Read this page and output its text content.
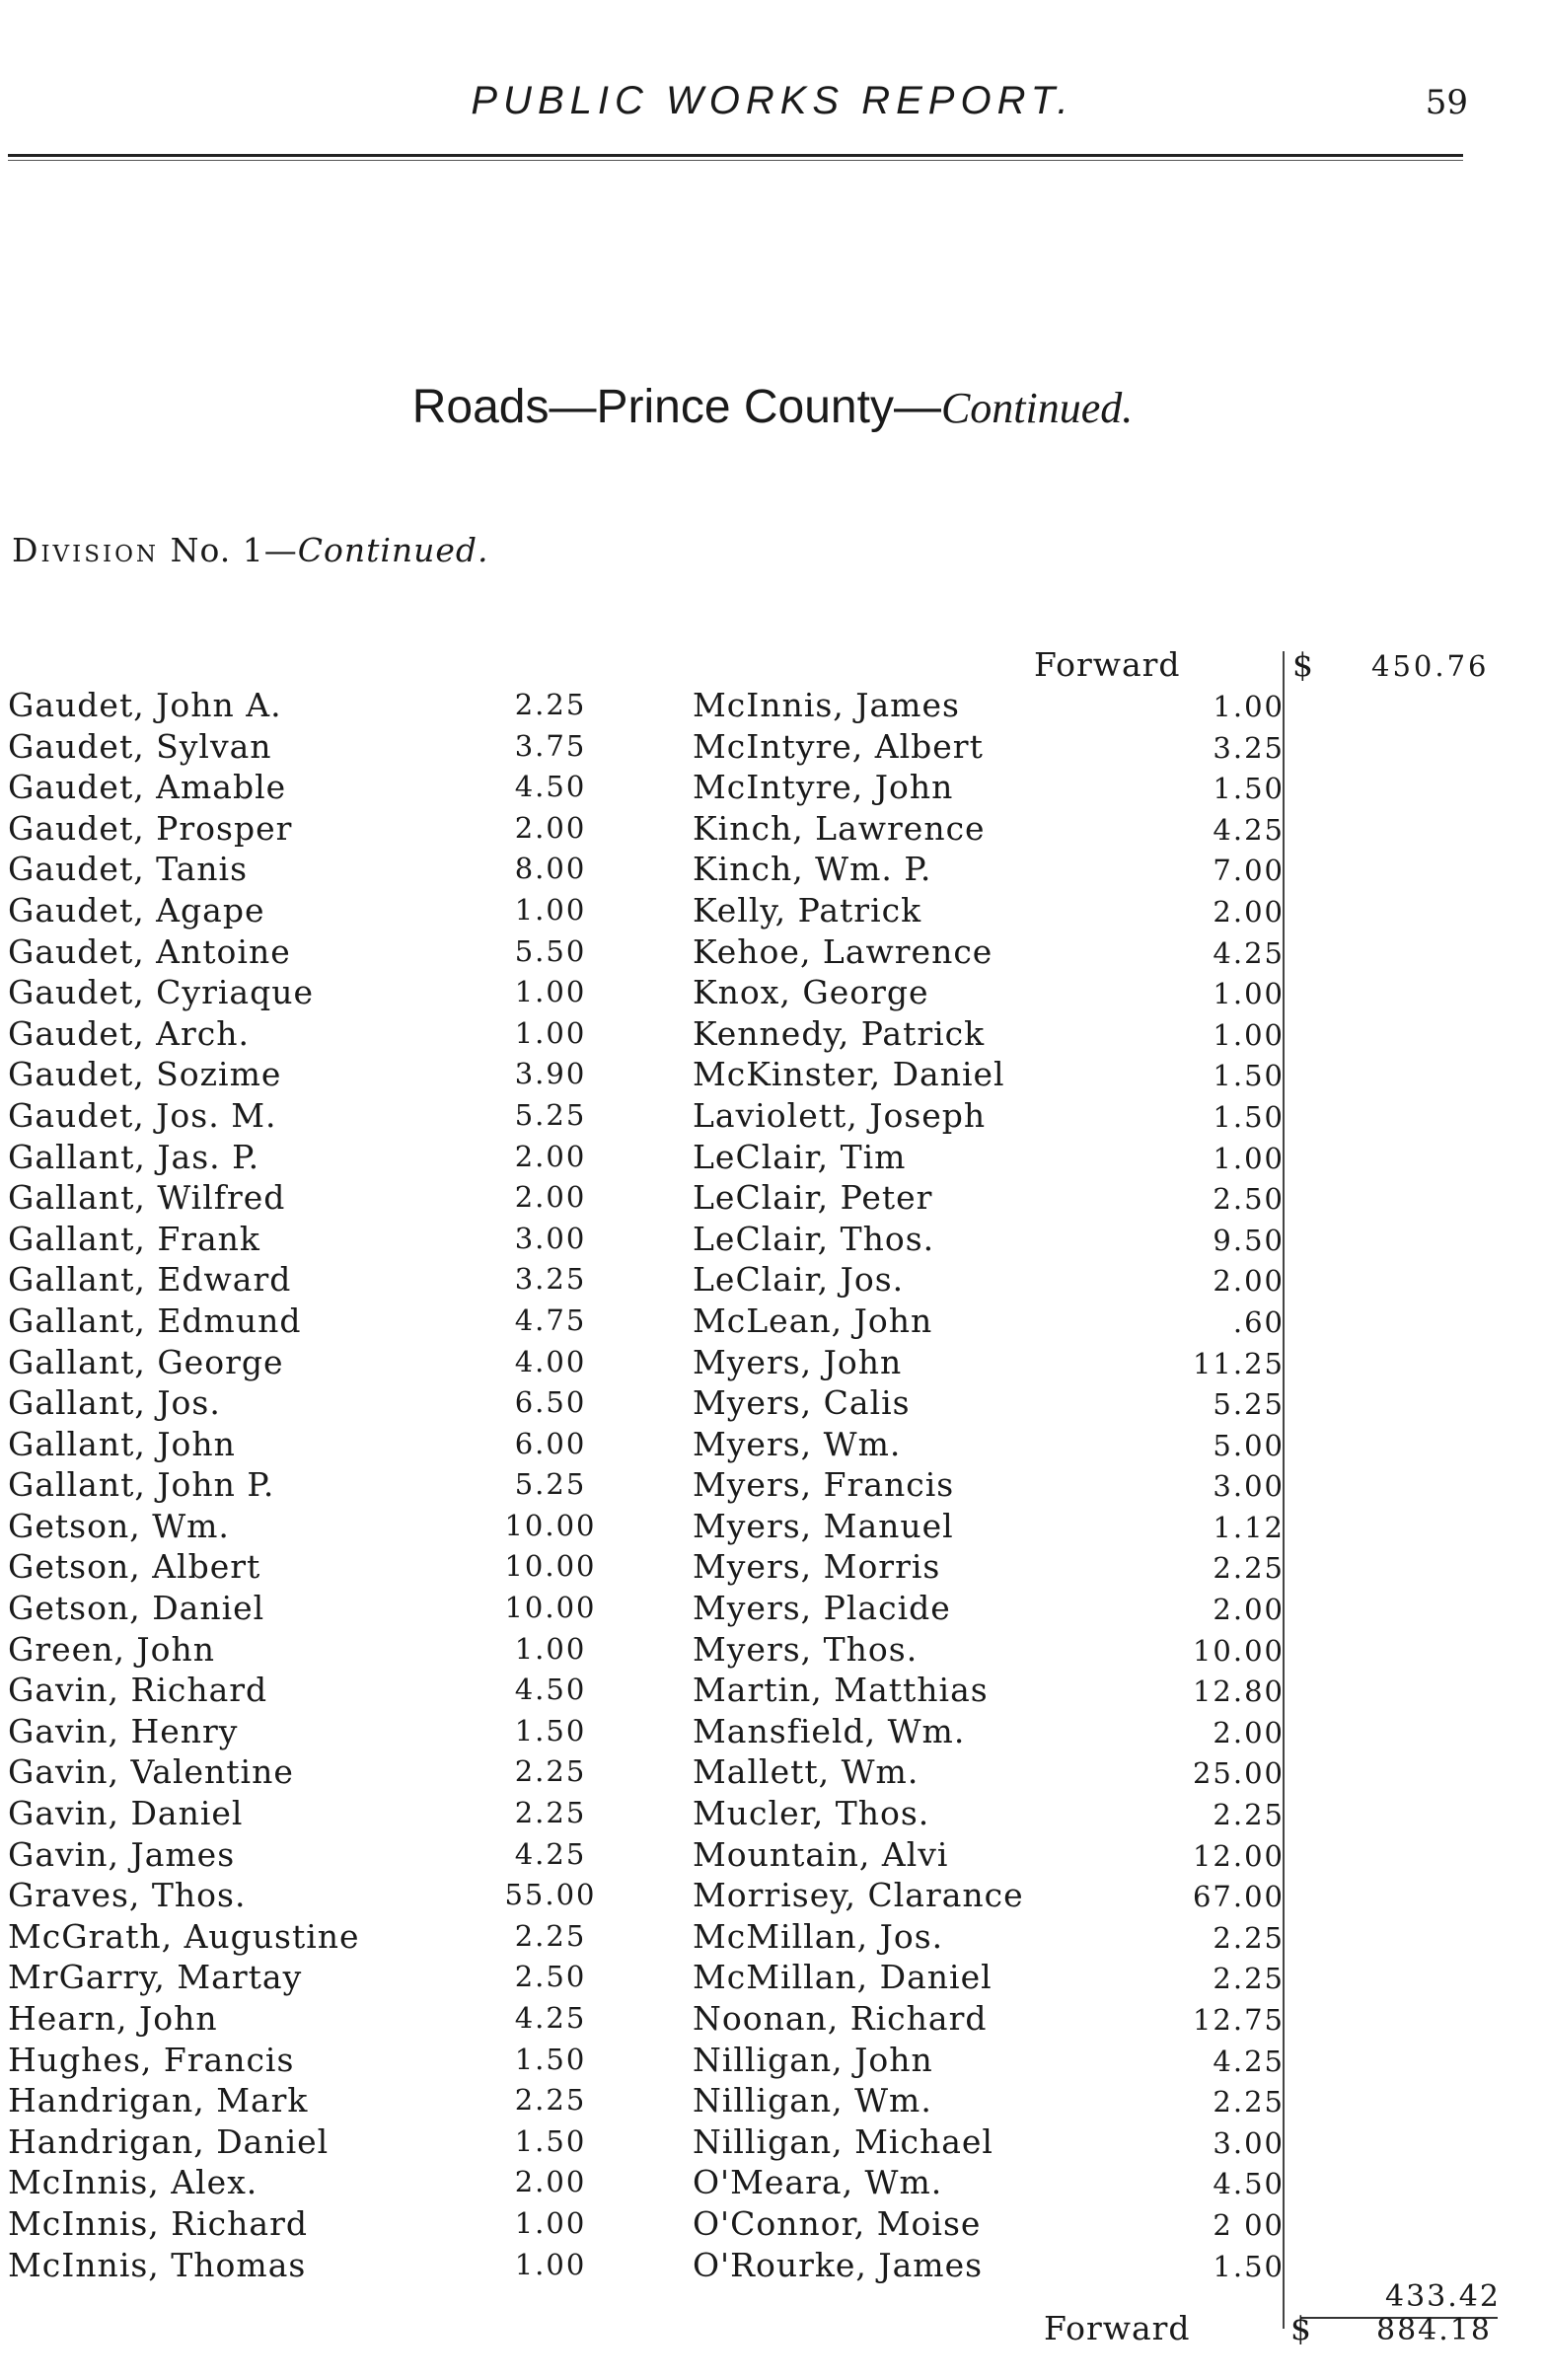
PUBLIC WORKS REPORT.	59
Roads—Prince County—Continued.
Division No. 1—Continued.
Forward	$ 450.76
Gaudet, John A.	2.25
Gaudet, Sylvan	3.75
Gaudet, Amable	4.50
Gaudet, Prosper	2.00
Gaudet, Tanis	8.00
Gaudet, Agape	1.00
Gaudet, Antoine	5.50
Gaudet, Cyriaque	1.00
Gaudet, Arch.	1.00
Gaudet, Sozime	3.90
Gaudet, Jos. M.	5.25
Gallant, Jas. P.	2.00
Gallant, Wilfred	2.00
Gallant, Frank	3.00
Gallant, Edward	3.25
Gallant, Edmund	4.75
Gallant, George	4.00
Gallant, Jos.	6.50
Gallant, John	6.00
Gallant, John P.	5.25
Getson, Wm.	10.00
Getson, Albert	10.00
Getson, Daniel	10.00
Green, John	1.00
Gavin, Richard	4.50
Gavin, Henry	1.50
Gavin, Valentine	2.25
Gavin, Daniel	2.25
Gavin, James	4.25
Graves, Thos.	55.00
McGrath, Augustine	2.25
MrGarry, Martay	2.50
Hearn, John	4.25
Hughes, Francis	1.50
Handrigan, Mark	2.25
Handrigan, Daniel	1.50
McInnis, Alex.	2.00
McInnis, Richard	1.00
McInnis, Thomas	1.00
McInnis, James	1.00
McIntyre, Albert	3.25
McIntyre, John	1.50
Kinch, Lawrence	4.25
Kinch, Wm. P.	7.00
Kelly, Patrick	2.00
Kehoe, Lawrence	4.25
Knox, George	1.00
Kennedy, Patrick	1.00
McKinster, Daniel	1.50
Laviolett, Joseph	1.50
LeClair, Tim	1.00
LeClair, Peter	2.50
LeClair, Thos.	9.50
LeClair, Jos.	2.00
McLean, John	.60
Myers, John	11.25
Myers, Calis	5.25
Myers, Wm.	5.00
Myers, Francis	3.00
Myers, Manuel	1.12
Myers, Morris	2.25
Myers, Placide	2.00
Myers, Thos.	10.00
Martin, Matthias	12.80
Mansfield, Wm.	2.00
Mallett, Wm.	25.00
Mucler, Thos.	2.25
Mountain, Alvi	12.00
Morrisey, Clarance	67.00
McMillan, Jos.	2.25
McMillan, Daniel	2.25
Noonan, Richard	12.75
Nilligan, John	4.25
Nilligan, Wm.	2.25
Nilligan, Michael	3.00
O'Meara, Wm.	4.50
O'Connor, Moise	2 00
O'Rourke, James	1.50
433.42
Forward	$ 884.18
